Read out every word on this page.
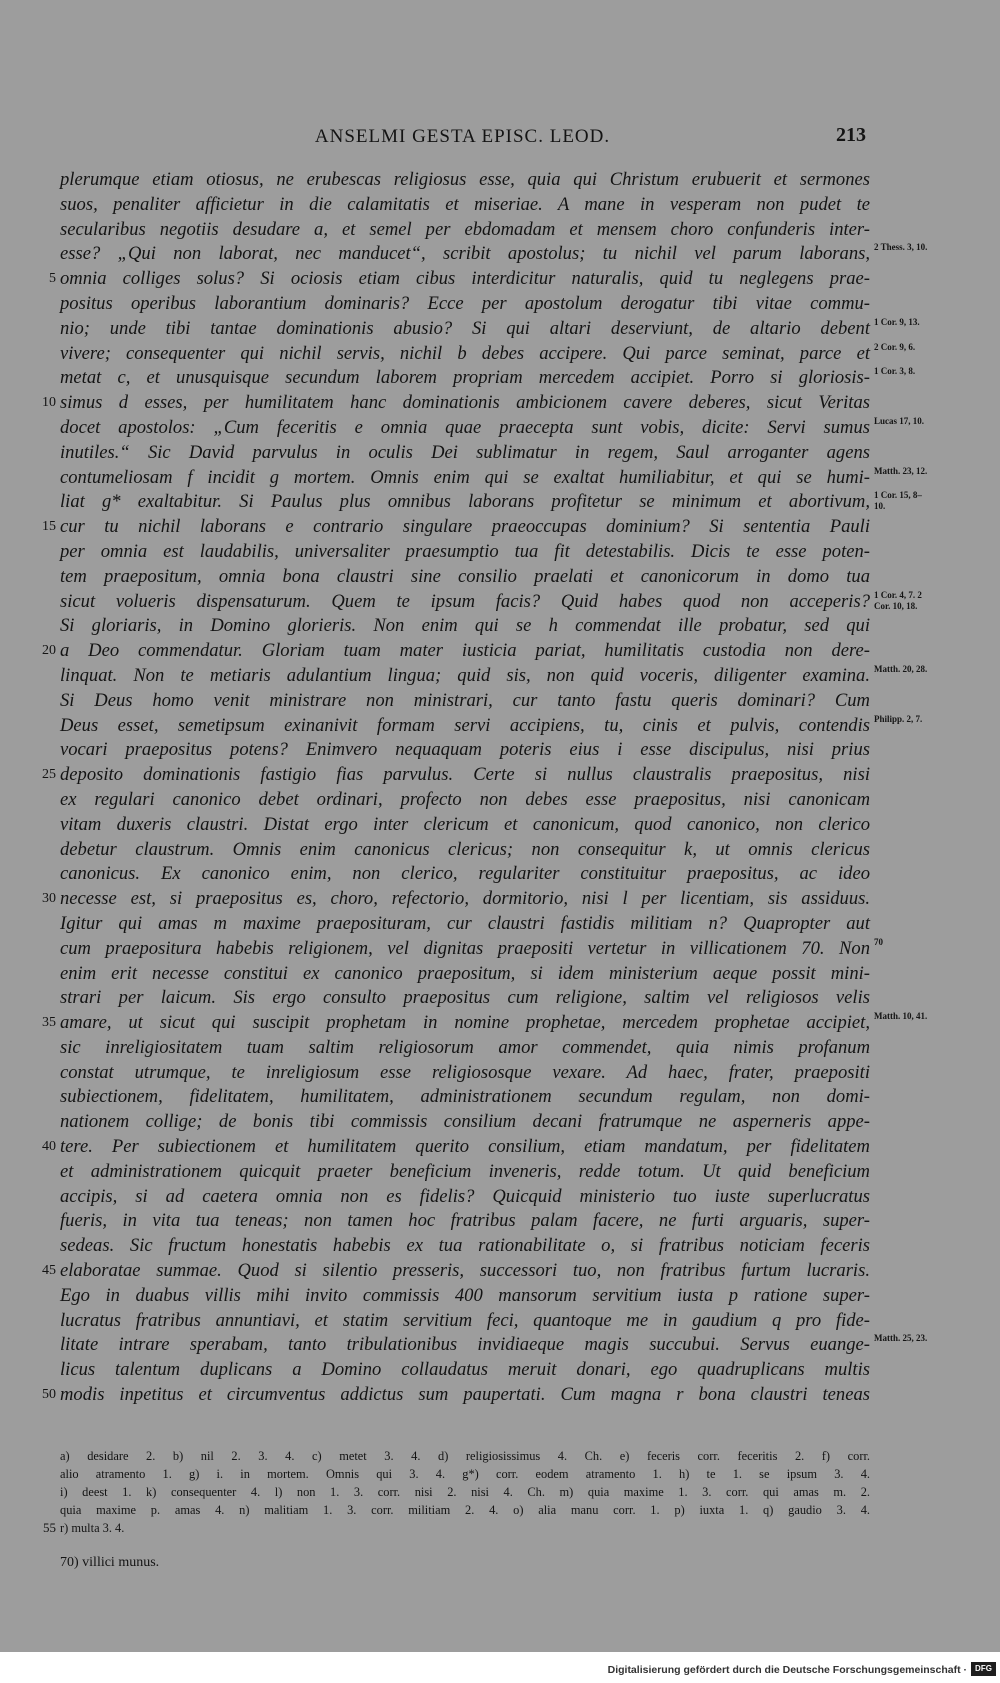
ANSELMI GESTA EPISC. LEOD.	213
plerumque etiam otiosus, ne erubescas religiosus esse, quia qui Christum erubuerit et sermones
suos, penaliter afficietur in die calamitatis et miseriae. A mane in vesperam non pudet te
secularibus negotiis desudare a, et semel per ebdomadam et mensem choro confunderis inter-
esse? „Qui non laborat, nec manducet“, scribit apostolus; tu nichil vel parum laborans, 2 Thess. 3, 10.
omnia colliges solus? Si ociosis etiam cibus interdicitur naturalis, quid tu neglegens prae-
5
positus operibus laborantium dominaris? Ecce per apostolum derogatur tibi vitae commu-
nio; unde tibi tantae dominationis abusio? Si qui altari deserviunt, de altario debent 1 Cor. 9, 13.
vivere; consequenter qui nichil servis, nichil b debes accipere. Qui parce seminat, parce et 2 Cor. 9, 6.
metat c, et unusquisque secundum laborem propriam mercedem accipiet. Porro si gloriosis- 1 Cor. 3, 8.
simus d esses, per humilitatem hanc dominationis ambicionem cavere deberes, sicut Veritas
10
docet apostolos: „Cum feceritis e omnia quae praecepta sunt vobis, dicite: Servi sumus Lucas 17, 10.
inutiles.“ Sic David parvulus in oculis Dei sublimatur in regem, Saul arroganter agens
contumeliosam f incidit g mortem. Omnis enim qui se exaltat humiliabitur, et qui se humi- Matth. 23, 12.
liat g* exaltabitur. Si Paulus plus omnibus laborans profitetur se minimum et abortivum, 1 Cor. 15, 8–10.
cur tu nichil laborans e contrario singulare praeoccupas dominium? Si sententia Pauli
15
per omnia est laudabilis, universaliter praesumptio tua fit detestabilis. Dicis te esse poten-
tem praepositum, omnia bona claustri sine consilio praelati et canonicorum in domo tua
sicut volueris dispensaturum. Quem te ipsum facis? Quid habes quod non acceperis? 1 Cor. 4, 7. 2 Cor. 10, 18.
Si gloriaris, in Domino glorieris. Non enim qui se h commendat ille probatur, sed qui
a Deo commendatur. Gloriam tuam mater iusticia pariat, humilitatis custodia non dere-
20
linquat. Non te metiaris adulantium lingua; quid sis, non quid voceris, diligenter examina. Matth. 20, 28.
Si Deus homo venit ministrare non ministrari, cur tanto fastu queris dominari? Cum
Deus esset, semetipsum exinanivit formam servi accipiens, tu, cinis et pulvis, contendis Philipp. 2, 7.
vocari praepositus potens? Enimvero nequaquam poteris eius i esse discipulus, nisi prius
deposito dominationis fastigio fias parvulus. Certe si nullus claustralis praepositus, nisi
25
ex regulari canonico debet ordinari, profecto non debes esse praepositus, nisi canonicam
vitam duxeris claustri. Distat ergo inter clericum et canonicum, quod canonico, non clerico
debetur claustrum. Omnis enim canonicus clericus; non consequitur k, ut omnis clericus
canonicus. Ex canonico enim, non clerico, regulariter constituitur praepositus, ac ideo
necesse est, si praepositus es, choro, refectorio, dormitorio, nisi l per licentiam, sis assiduus.
30
Igitur qui amas m maxime praeposituram, cur claustri fastidis militiam n? Quapropter aut
cum praepositura habebis religionem, vel dignitas praepositi vertetur in villicationem 70. Non 70
enim erit necesse constitui ex canonico praepositum, si idem ministerium aeque possit mini-
strari per laicum. Sis ergo consulto praepositus cum religione, saltim vel religiosos velis
amare, ut sicut qui suscipit prophetam in nomine prophetae, mercedem prophetae accipiet,
35	Matth. 10, 41.
sic inreligiositatem tuam saltim religiosorum amor commendet, quia nimis profanum
constat utrumque, te inreligiosum esse religiososque vexare. Ad haec, frater, praepositi
subiectionem, fidelitatem, humilitatem, administrationem secundum regulam, non domi-
nationem collige; de bonis tibi commissis consilium decani fratrumque ne asperneris appe-
tere. Per subiectionem et humilitatem querito consilium, etiam mandatum, per fidelitatem
40
et administrationem quicquit praeter beneficium inveneris, redde totum. Ut quid beneficium
accipis, si ad caetera omnia non es fidelis? Quicquid ministerio tuo iuste superlucratus
fueris, in vita tua teneas; non tamen hoc fratribus palam facere, ne furti arguaris, super-
sedeas. Sic fructum honestatis habebis ex tua rationabilitate o, si fratribus noticiam feceris
elaboratae summae. Quod si silentio presseris, successori tuo, non fratribus furtum lucraris.
45
Ego in duabus villis mihi invito commissis 400 mansorum servitium iusta p ratione super-
lucratus fratribus annuntiavi, et statim servitium feci, quantoque me in gaudium q pro fide-
litate intrare sperabam, tanto tribulationibus invidiaeque magis succubui. Servus euange- Matth. 25, 23.
licus talentum duplicans a Domino collaudatus meruit donari, ego quadruplicans multis
modis inpetitus et circumventus addictus sum paupertati. Cum magna r bona claustri teneas
50
a) desidare 2. b) nil 2. 3. 4. c) metet 3. 4. d) religiosissimus 4. Ch. e) feceris corr. feceritis 2. f) corr.
alio atramento 1. g) i. in mortem. Omnis qui 3. 4. g*) corr. eodem atramento 1. h) te 1. se ipsum 3. 4.
i) deest 1. k) consequenter 4. l) non 1. 3. corr. nisi 2. nisi 4. Ch. m) quia maxime 1. 3. corr. qui amas m. 2.
quia maxime p. amas 4. n) malitiam 1. 3. corr. militiam 2. 4. o) alia manu corr. 1. p) iuxta 1. q) gaudio 3. 4.
r) multa 3. 4.
55
70) villici munus.
Digitalisierung gefördert durch die Deutsche Forschungsgemeinschaft ·	DFG
